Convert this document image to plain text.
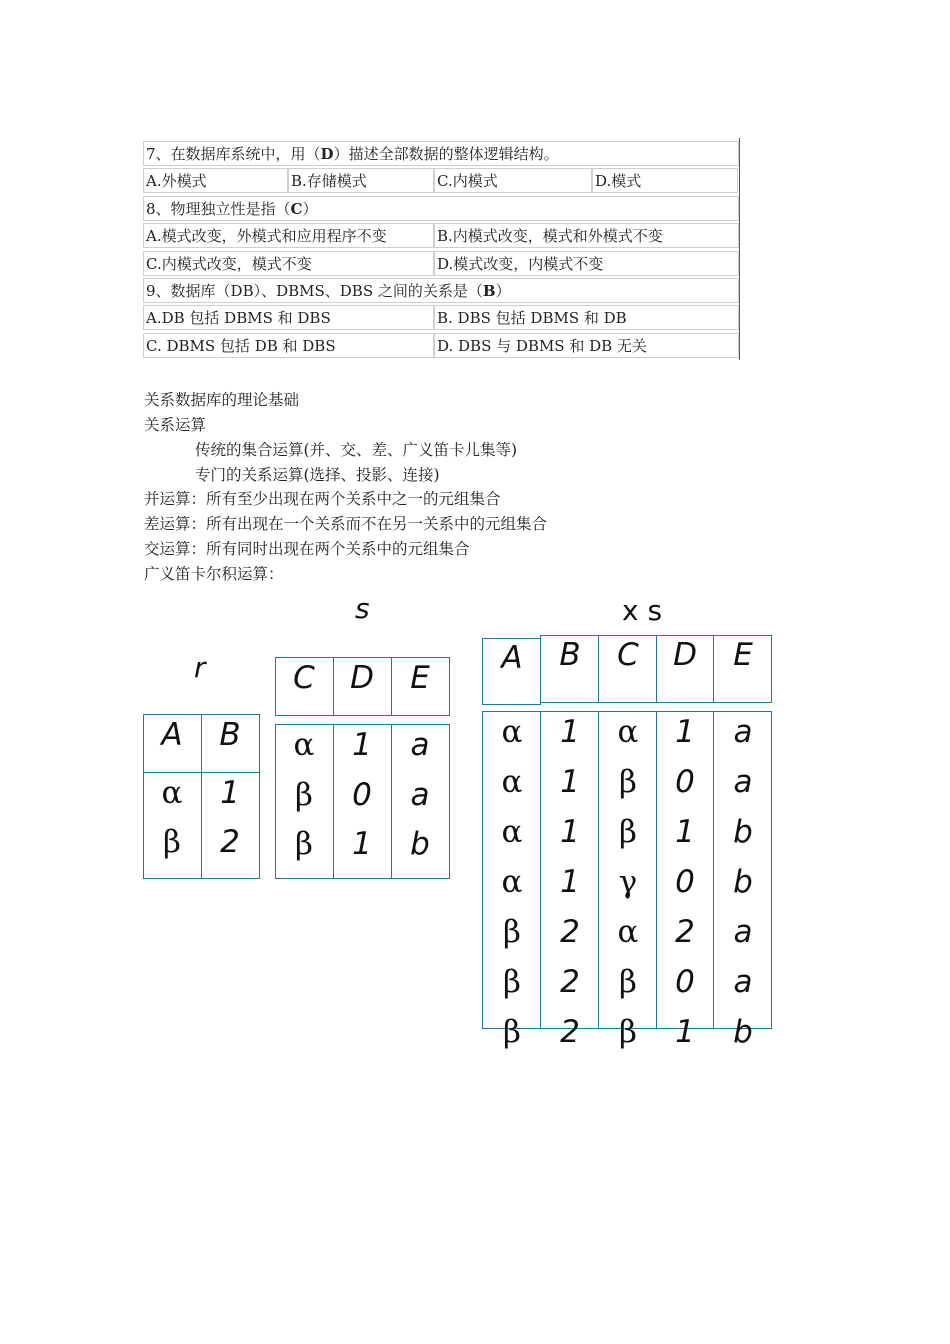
7、在数据库系统中，用（D）描述全部数据的整体逻辑结构。
A.外模式	B.存储模式	C.内模式	D.模式
8、物理独立性是指（C）
A.模式改变，外模式和应用程序不变	B.内模式改变，模式和外模式不变
C.内模式改变，模式不变	D.模式改变，内模式不变
9、数据库（DB）、DBMS、DBS 之间的关系是（B）
A.DB 包括 DBMS 和 DBS	B. DBS 包括 DBMS 和 DB
C. DBMS 包括 DB 和 DBS	D. DBS 与 DBMS 和 DB 无关
关系数据库的理论基础
关系运算
传统的集合运算(并、交、差、广义笛卡儿集等)
专门的关系运算(选择、投影、连接)
并运算：所有至少出现在两个关系中之一的元组集合
差运算：所有出现在一个关系而不在另一关系中的元组集合
交运算：所有同时出现在两个关系中的元组集合
广义笛卡尔积运算：
r
s	x s
A	B
α	1
β	2
C	D	E
α	1	a
β	0	a
β	1	b
A	B	C	D	E
α	1	α	1	a
α	1	β	0	a
α	1	β	1	b
α	1	γ	0	b
β	2	α	2	a
β	2	β	0	a
β	2	β	1	b
